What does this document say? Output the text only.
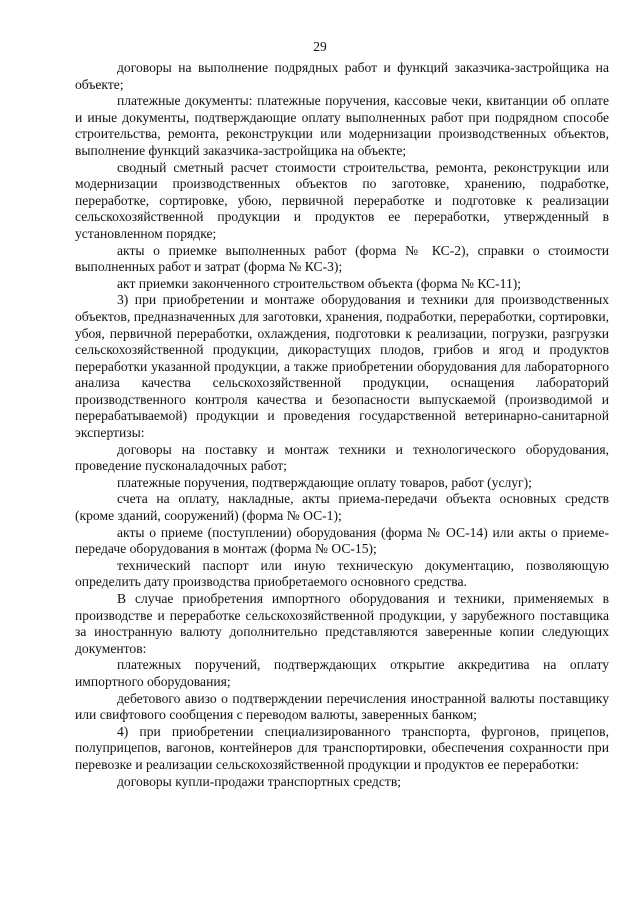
29

договоры на выполнение подрядных работ и функций заказчика-застройщика на объекте;

платежные документы: платежные поручения, кассовые чеки, квитанции об оплате и иные документы, подтверждающие оплату выполненных работ при подрядном способе строительства, ремонта, реконструкции или модернизации производственных объектов, выполнение функций заказчика-застройщика на объекте;

сводный сметный расчет стоимости строительства, ремонта, реконструкции или модернизации производственных объектов по заготовке, хранению, подработке, переработке, сортировке, убою, первичной переработке и подготовке к реализации сельскохозяйственной продукции и продуктов ее переработки, утвержденный в установленном порядке;

акты о приемке выполненных работ (форма № КС-2), справки о стоимости выполненных работ и затрат (форма № КС-3);

акт приемки законченного строительством объекта (форма № КС-11);

3) при приобретении и монтаже оборудования и техники для производственных объектов, предназначенных для заготовки, хранения, подработки, переработки, сортировки, убоя, первичной переработки, охлаждения, подготовки к реализации, погрузки, разгрузки сельскохозяйственной продукции, дикорастущих плодов, грибов и ягод и продуктов переработки указанной продукции, а также приобретении оборудования для лабораторного анализа качества сельскохозяйственной продукции, оснащения лабораторий производственного контроля качества и безопасности выпускаемой (производимой и перерабатываемой) продукции и проведения государственной ветеринарно-санитарной экспертизы:

договоры на поставку и монтаж техники и технологического оборудования, проведение пусконаладочных работ;

платежные поручения, подтверждающие оплату товаров, работ (услуг);

счета на оплату, накладные, акты приема-передачи объекта основных средств (кроме зданий, сооружений) (форма № ОС-1);

акты о приеме (поступлении) оборудования (форма № ОС-14) или акты о приеме-передаче оборудования в монтаж (форма № ОС-15);

технический паспорт или иную техническую документацию, позволяющую определить дату производства приобретаемого основного средства.

В случае приобретения импортного оборудования и техники, применяемых в производстве и переработке сельскохозяйственной продукции, у зарубежного поставщика за иностранную валюту дополнительно представляются заверенные копии следующих документов:

платежных поручений, подтверждающих открытие аккредитива на оплату импортного оборудования;

дебетового авизо о подтверждении перечисления иностранной валюты поставщику или свифтового сообщения с переводом валюты, заверенных банком;

4) при приобретении специализированного транспорта, фургонов, прицепов, полуприцепов, вагонов, контейнеров для транспортировки, обеспечения сохранности при перевозке и реализации сельскохозяйственной продукции и продуктов ее переработки:

договоры купли-продажи транспортных средств;
